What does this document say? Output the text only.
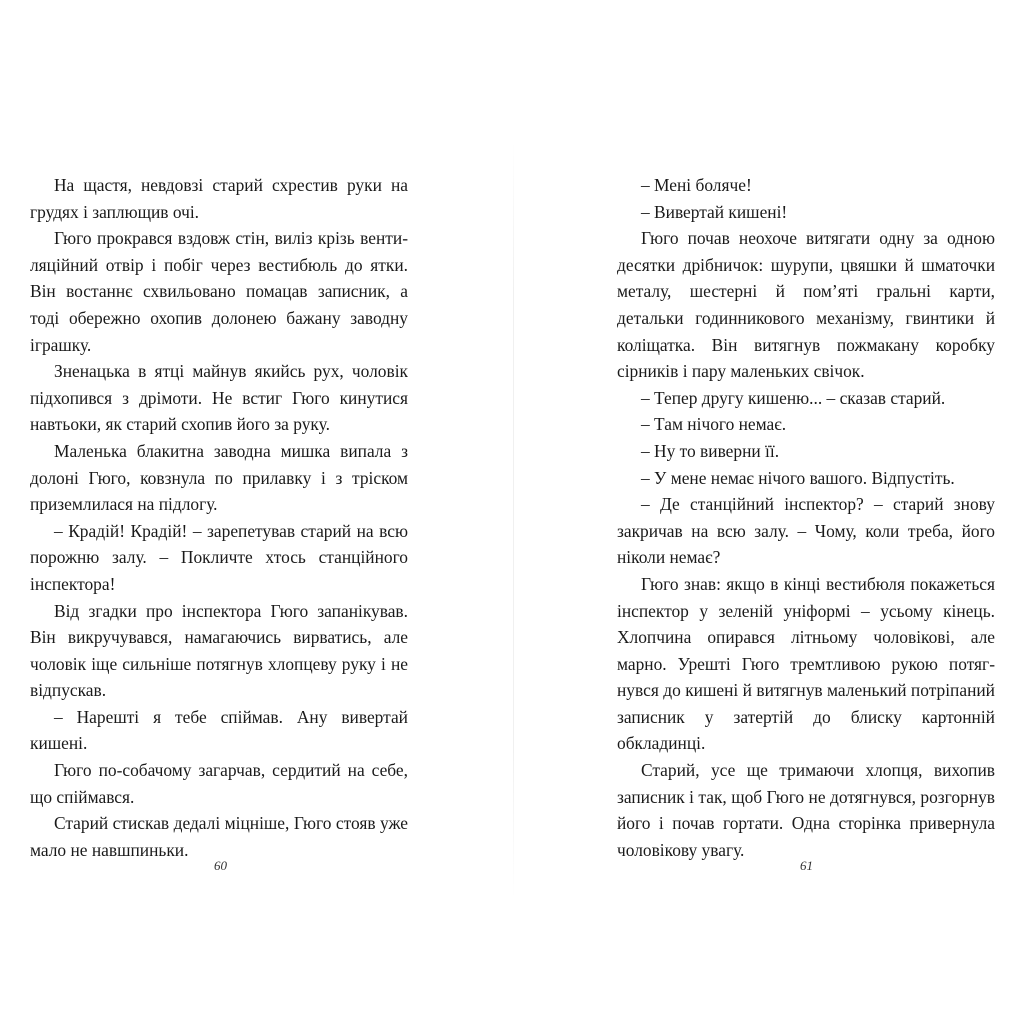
На щастя, невдовзі старий схрестив руки на грудях і заплющив очі.

Гюго прокрався вздовж стін, виліз крізь вентиляційний отвір і побіг через вестибюль до ятки. Він востаннє схвильовано помацав записник, а тоді обережно охопив долонею бажану заводну іграшку.

Зненацька в ятці майнув якийсь рух, чоловік підхопився з дрімоти. Не встиг Гюго кинутися навтьоки, як старий схопив його за руку.

Маленька блакитна заводна мишка випала з долоні Гюго, ковзнула по прилавку і з тріском приземлилася на підлогу.

– Крадій! Крадій! – зарепетував старий на всю порожню залу. – Покличте хтось станційного інспектора!

Від згадки про інспектора Гюго запанікував. Він викручувався, намагаючись вирватись, але чоловік іще сильніше потягнув хлопцеву руку і не відпускав.

– Нарешті я тебе спіймав. Ану вивертай кишені.

Гюго по-собачому загарчав, сердитий на себе, що спіймався.

Старий стискав дедалі міцніше, Гюго стояв уже мало не навшпиньки.

60

– Мені боляче!

– Вивертай кишені!

Гюго почав неохоче витягати одну за одною десятки дрібничок: шурупи, цвяшки й шматочки металу, шестерні й пом’яті гральні карти, детальки годинникового механізму, гвинтики й коліщатка. Він витягнув пожмакану коробку сірників і пару маленьких свічок.

– Тепер другу кишеню... – сказав старий.

– Там нічого немає.

– Ну то виверни її.

– У мене немає нічого вашого. Відпустіть.

– Де станційний інспектор? – старий знову закричав на всю залу. – Чому, коли треба, його ніколи немає?

Гюго знав: якщо в кінці вестибюля покажеться інспектор у зеленій уніформі – усьому кінець. Хлопчина опирався літньому чоловікові, але марно. Урешті Гюго тремтливою рукою потягнувся до кишені й витягнув маленький потріпаний записник у затертій до блиску картонній обкладинці.

Старий, усе ще тримаючи хлопця, вихопив записник і так, щоб Гюго не дотягнувся, розгорнув його і почав гортати. Одна сторінка привернула чоловікову увагу.

61
